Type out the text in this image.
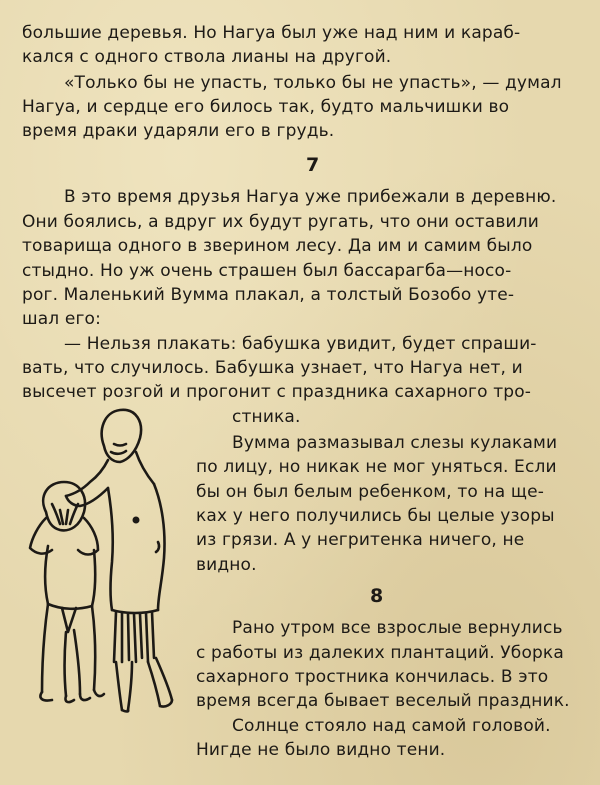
большие деревья. Но Нагуа был уже над ним и караб-
кался с одного ствола лианы на другой.
«Только бы не упасть, только бы не упасть», — думал
Нагуа, и сердце его билось так, будто мальчишки во
время драки ударяли его в грудь.
7
В это время друзья Нагуа уже прибежали в деревню.
Они боялись, а вдруг их будут ругать, что они оставили
товарища одного в зверином лесу. Да им и самим было
стыдно. Но уж очень страшен был бассарагба—носо-
рог. Маленький Вумма плакал, а толстый Бозобо уте-
шал его:
— Нельзя плакать: бабушка увидит, будет спраши-
вать, что случилось. Бабушка узнает, что Нагуа нет, и
высечет розгой и прогонит с праздника сахарного тро-
стника.
Вумма размазывал слезы кулаками
по лицу, но никак не мог уняться. Если
бы он был белым ребенком, то на ще-
ках у него получились бы целые узоры
из грязи. А у негритенка ничего, не
видно.
8
Рано утром все взрослые вернулись
с работы из далеких плантаций. Уборка
сахарного тростника кончилась. В это
время всегда бывает веселый праздник.
Солнце стояло над самой головой.
Нигде не было видно тени.
